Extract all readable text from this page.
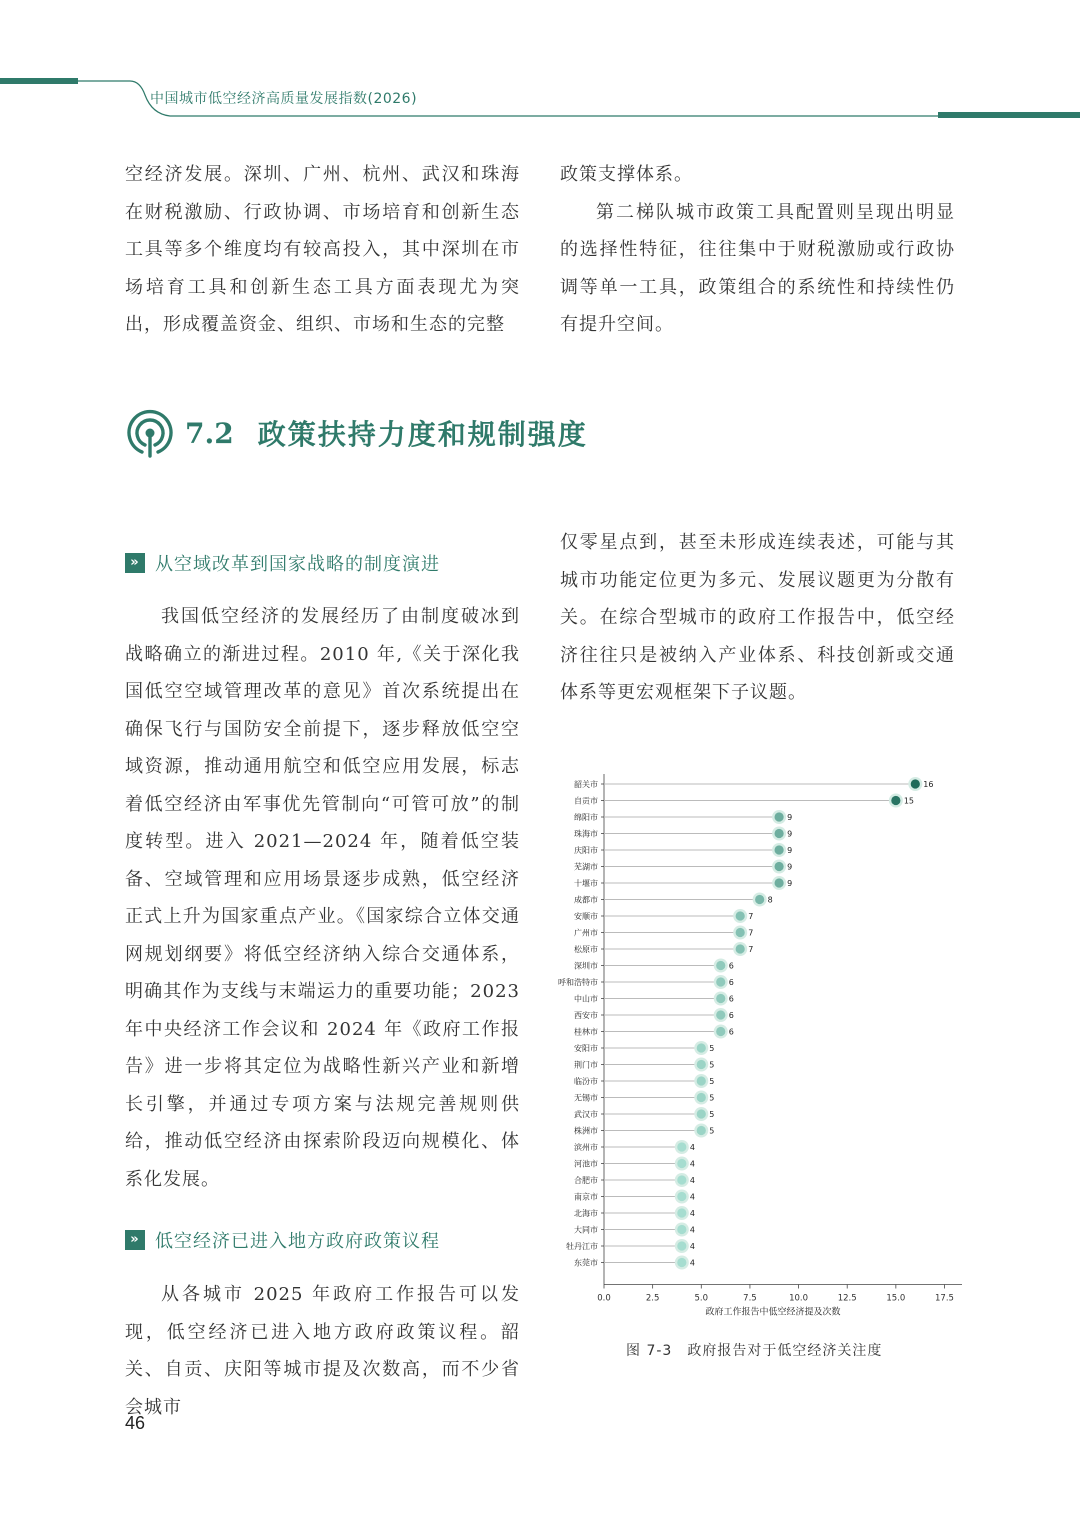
中国城市低空经济高质量发展指数(2026)

空经济发展。深圳、广州、杭州、武汉和珠海在财税激励、行政协调、市场培育和创新生态工具等多个维度均有较高投入，其中深圳在市场培育工具和创新生态工具方面表现尤为突出，形成覆盖资金、组织、市场和生态的完整

政策支撑体系。

第二梯队城市政策工具配置则呈现出明显的选择性特征，往往集中于财税激励或行政协调等单一工具，政策组合的系统性和持续性仍有提升空间。

7.2 政策扶持力度和规制强度
» 从空域改革到国家战略的制度演进

我国低空经济的发展经历了由制度破冰到战略确立的渐进过程。2010 年,《关于深化我国低空空域管理改革的意见》首次系统提出在确保飞行与国防安全前提下，逐步释放低空空域资源，推动通用航空和低空应用发展，标志着低空经济由军事优先管制向“可管可放”的制度转型。进入 2021—2024 年，随着低空装备、空域管理和应用场景逐步成熟，低空经济正式上升为国家重点产业。《国家综合立体交通网规划纲要》将低空经济纳入综合交通体系，明确其作为支线与末端运力的重要功能；2023 年中央经济工作会议和 2024 年《政府工作报告》进一步将其定位为战略性新兴产业和新增长引擎，并通过专项方案与法规完善规则供给，推动低空经济由探索阶段迈向规模化、体系化发展。

» 低空经济已进入地方政府政策议程

从各城市 2025 年政府工作报告可以发现，低空经济已进入地方政府政策议程。韶关、自贡、庆阳等城市提及次数高，而不少省会城市

仅零星点到，甚至未形成连续表述，可能与其城市功能定位更为多元、发展议题更为分散有关。在综合型城市的政府工作报告中，低空经济往往只是被纳入产业体系、科技创新或交通体系等更宏观框架下子议题。

0.0	2.5	5.0	7.5	10.0	12.5	15.0	17.5
政府工作报告中低空经济提及次数
韶关市	16
自贡市	15
绵阳市	9
珠海市	9
庆阳市	9
芜湖市	9
十堰市	9
成都市	8
安顺市	7
广州市	7
松原市	7
深圳市	6
呼和浩特市	6
中山市	6
西安市	6
桂林市	6
安阳市	5
荆门市	5
临汾市	5
无锡市	5
武汉市	5
株洲市	5
滨州市	4
河池市	4
合肥市	4
南京市	4
北海市	4
大同市	4
牡丹江市	4
东莞市	4
图 7-3　政府报告对于低空经济关注度
46
